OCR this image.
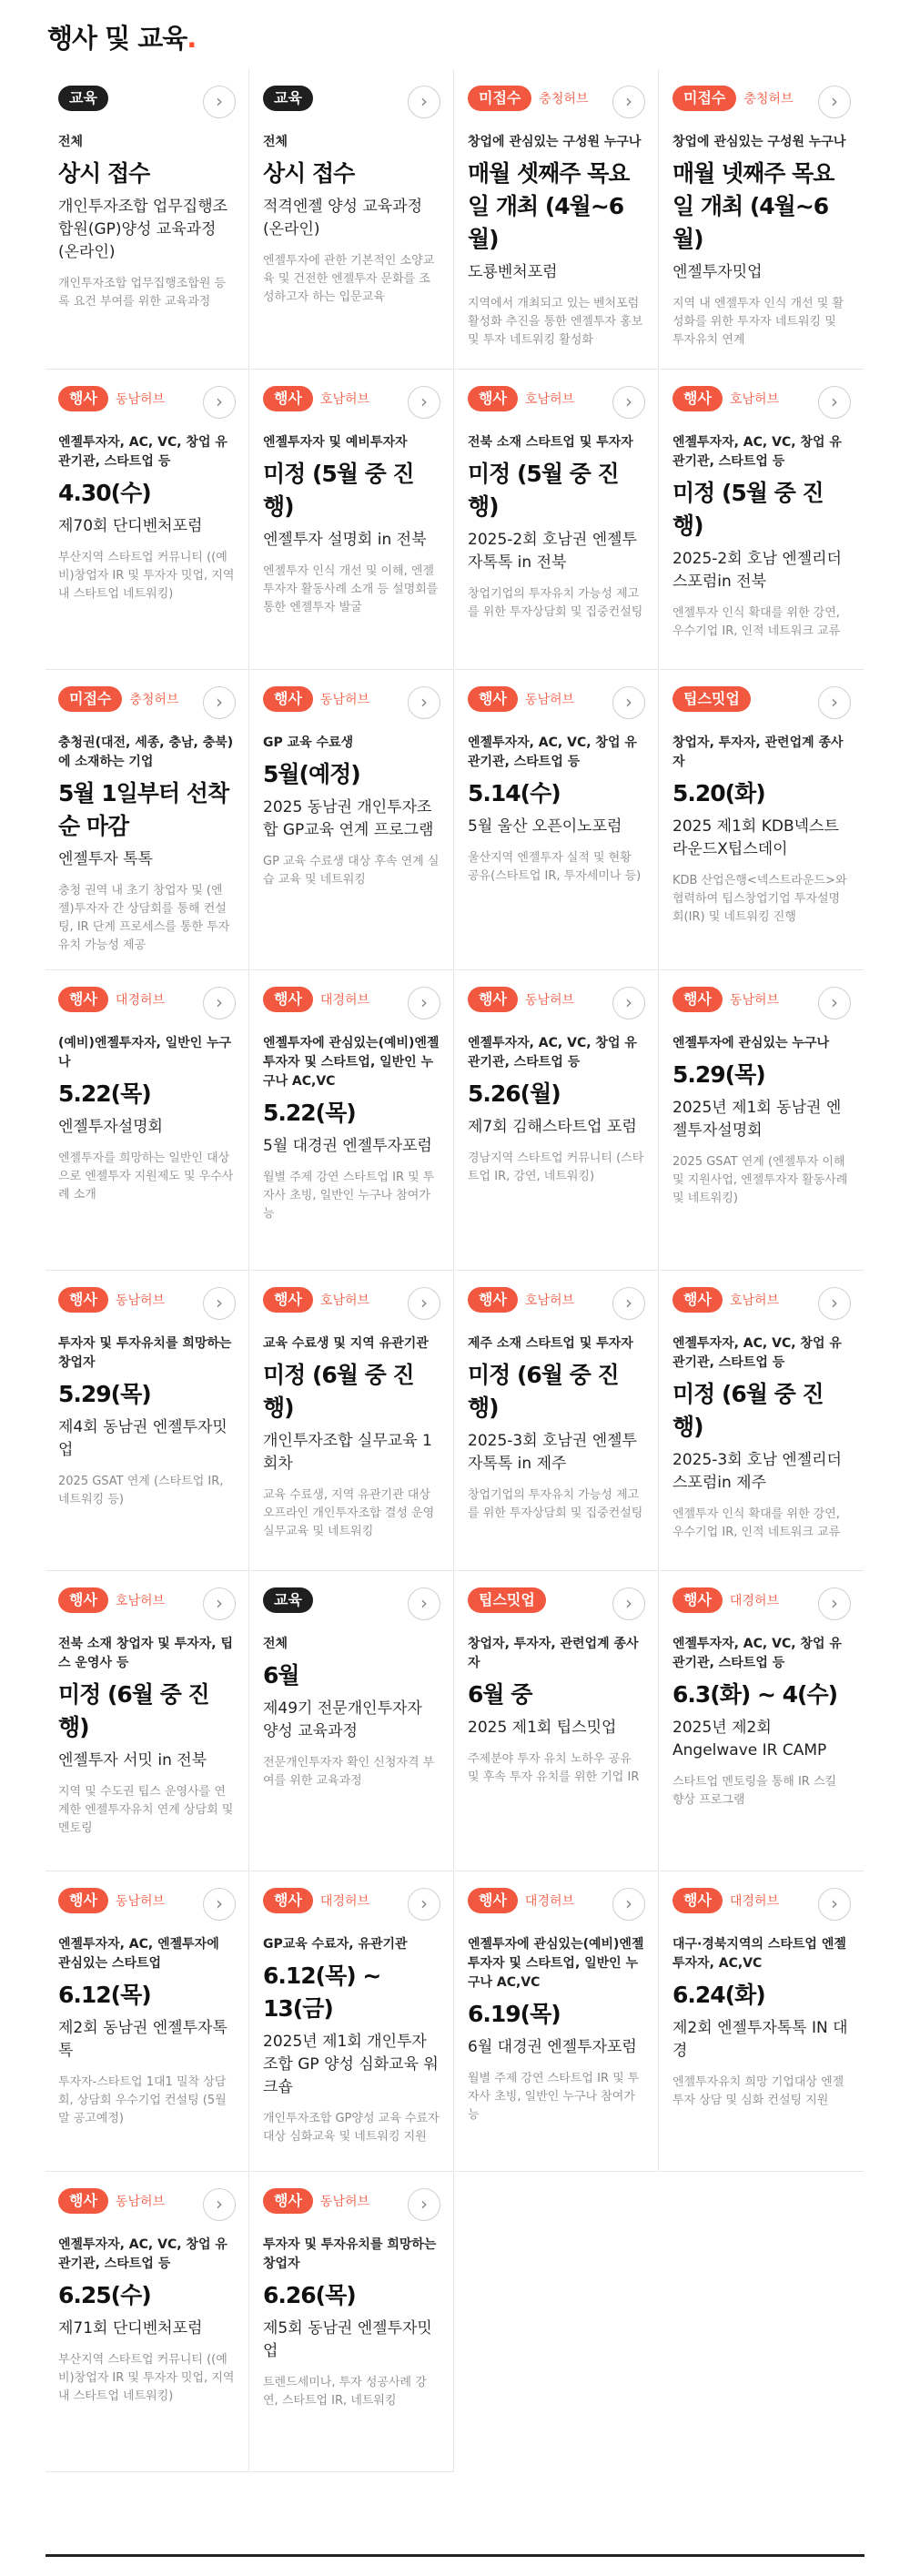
행사 및 교육.
교육	›
전체
상시 접수
개인투자조합 업무집행조합원(GP)양성 교육과정 (온라인)
개인투자조합 업무집행조합원 등록 요건 부여를 위한 교육과정
교육	›
전체
상시 접수
적격엔젤 양성 교육과정 (온라인)
엔젤투자에 관한 기본적인 소양교육 및 건전한 엔젤투자 문화를 조성하고자 하는 입문교육
미접수	충청허브	›
창업에 관심있는 구성원 누구나
매월 셋째주 목요일 개최 (4월~6월)
도룡벤처포럼
지역에서 개최되고 있는 벤처포럼 활성화 추진을 통한 엔젤투자 홍보 및 투자 네트워킹 활성화
미접수	충청허브	›
창업에 관심있는 구성원 누구나
매월 넷째주 목요일 개최 (4월~6월)
엔젤투자밋업
지역 내 엔젤투자 인식 개선 및 활성화를 위한 투자자 네트워킹 및 투자유치 연계
행사	동남허브	›
엔젤투자자, AC, VC, 창업 유관기관, 스타트업 등
4.30(수)
제70회 단디벤처포럼
부산지역 스타트업 커뮤니티 ((예비)창업자 IR 및 투자자 밋업, 지역 내 스타트업 네트워킹)
행사	호남허브	›
엔젤투자자 및 예비투자자
미정 (5월 중 진행)
엔젤투자 설명회 in 전북
엔젤투자 인식 개선 및 이해, 엔젤투자자 활동사례 소개 등 설명회를 통한 엔젤투자 발굴
행사	호남허브	›
전북 소재 스타트업 및 투자자
미정 (5월 중 진행)
2025-2회 호남권 엔젤투자톡톡 in 전북
창업기업의 투자유치 가능성 제고를 위한 투자상담회 및 집중컨설팅
행사	호남허브	›
엔젤투자자, AC, VC, 창업 유관기관, 스타트업 등
미정 (5월 중 진행)
2025-2회 호남 엔젤리더스포럼in 전북
엔젤투자 인식 확대를 위한 강연, 우수기업 IR, 인적 네트워크 교류
미접수	충청허브	›
충청권(대전, 세종, 충남, 충북)에 소재하는 기업
5월 1일부터 선착순 마감
엔젤투자 톡톡
충청 권역 내 초기 창업자 및 (엔젤)투자자 간 상담회를 통해 컨설팅, IR 단계 프로세스를 통한 투자 유치 가능성 제공
행사	동남허브	›
GP 교육 수료생
5월(예정)
2025 동남권 개인투자조합 GP교육 연계 프로그램
GP 교육 수료생 대상 후속 연계 실습 교육 및 네트워킹
행사	동남허브	›
엔젤투자자, AC, VC, 창업 유관기관, 스타트업 등
5.14(수)
5월 울산 오픈이노포럼
울산지역 엔젤투자 실적 및 현황 공유(스타트업 IR, 투자세미나 등)
팁스밋업	›
창업자, 투자자, 관련업계 종사자
5.20(화)
2025 제1회 KDB넥스트라운드X팁스데이
KDB 산업은행<넥스트라운드>와 협력하여 팁스창업기업 투자설명회(IR) 및 네트워킹 진행
행사	대경허브	›
(예비)엔젤투자자, 일반인 누구나
5.22(목)
엔젤투자설명회
엔젤투자를 희망하는 일반인 대상으로 엔젤투자 지원제도 및 우수사례 소개
행사	대경허브	›
엔젤투자에 관심있는(예비)엔젤투자자 및 스타트업, 일반인 누구나 AC,VC
5.22(목)
5월 대경권 엔젤투자포럼
월별 주제 강연 스타트업 IR 및 투자사 초빙, 일반인 누구나 참여가능
행사	동남허브	›
엔젤투자자, AC, VC, 창업 유관기관, 스타트업 등
5.26(월)
제7회 김해스타트업 포럼
경남지역 스타트업 커뮤니티 (스타트업 IR, 강연, 네트워킹)
행사	동남허브	›
엔젤투자에 관심있는 누구나
5.29(목)
2025년 제1회 동남권 엔젤투자설명회
2025 GSAT 연계 (엔젤투자 이해 및 지원사업, 엔젤투자자 활동사례 및 네트워킹)
행사	동남허브	›
투자자 및 투자유치를 희망하는 창업자
5.29(목)
제4회 동남권 엔젤투자밋업
2025 GSAT 연계 (스타트업 IR, 네트워킹 등)
행사	호남허브	›
교육 수료생 및 지역 유관기관
미정 (6월 중 진행)
개인투자조합 실무교육 1회차
교육 수료생, 지역 유관기관 대상 오프라인 개인투자조합 결성 운영 실무교육 및 네트워킹
행사	호남허브	›
제주 소재 스타트업 및 투자자
미정 (6월 중 진행)
2025-3회 호남권 엔젤투자톡톡 in 제주
창업기업의 투자유치 가능성 제고를 위한 투자상담회 및 집중컨설팅
행사	호남허브	›
엔젤투자자, AC, VC, 창업 유관기관, 스타트업 등
미정 (6월 중 진행)
2025-3회 호남 엔젤리더스포럼in 제주
엔젤투자 인식 확대를 위한 강연, 우수기업 IR, 인적 네트워크 교류
행사	호남허브	›
전북 소재 창업자 및 투자자, 팁스 운영사 등
미정 (6월 중 진행)
엔젤투자 서밋 in 전북
지역 및 수도권 팁스 운영사를 연계한 엔젤투자유치 연계 상담회 및 멘토링
교육	›
전체
6월
제49기 전문개인투자자 양성 교육과정
전문개인투자자 확인 신청자격 부여를 위한 교육과정
팁스밋업	›
창업자, 투자자, 관련업계 종사자
6월 중
2025 제1회 팁스밋업
주제분야 투자 유치 노하우 공유 및 후속 투자 유치를 위한 기업 IR
행사	대경허브	›
엔젤투자자, AC, VC, 창업 유관기관, 스타트업 등
6.3(화) ~ 4(수)
2025년 제2회 Angelwave IR CAMP
스타트업 멘토링을 통해 IR 스킬 향상 프로그램
행사	동남허브	›
엔젤투자자, AC, 엔젤투자에 관심있는 스타트업
6.12(목)
제2회 동남권 엔젤투자톡톡
투자자-스타트업 1대1 밀착 상담회, 상담회 우수기업 컨설팅 (5월말 공고예정)
행사	대경허브	›
GP교육 수료자, 유관기관
6.12(목) ~ 13(금)
2025년 제1회 개인투자조합 GP 양성 심화교육 워크숍
개인투자조합 GP양성 교육 수료자 대상 심화교육 및 네트워킹 지원
행사	대경허브	›
엔젤투자에 관심있는(예비)엔젤투자자 및 스타트업, 일반인 누구나 AC,VC
6.19(목)
6월 대경권 엔젤투자포럼
월별 주제 강연 스타트업 IR 및 투자사 초빙, 일반인 누구나 참여가능
행사	대경허브	›
대구·경북지역의 스타트업 엔젤투자자, AC,VC
6.24(화)
제2회 엔젤투자톡톡 IN 대경
엔젤투자유치 희망 기업대상 엔젤투자 상담 및 심화 컨설팅 지원
행사	동남허브	›
엔젤투자자, AC, VC, 창업 유관기관, 스타트업 등
6.25(수)
제71회 단디벤처포럼
부산지역 스타트업 커뮤니티 ((예비)창업자 IR 및 투자자 밋업, 지역 내 스타트업 네트워킹)
행사	동남허브	›
투자자 및 투자유치를 희망하는 창업자
6.26(목)
제5회 동남권 엔젤투자밋업
트렌드세미나, 투자 성공사례 강연, 스타트업 IR, 네트워킹
